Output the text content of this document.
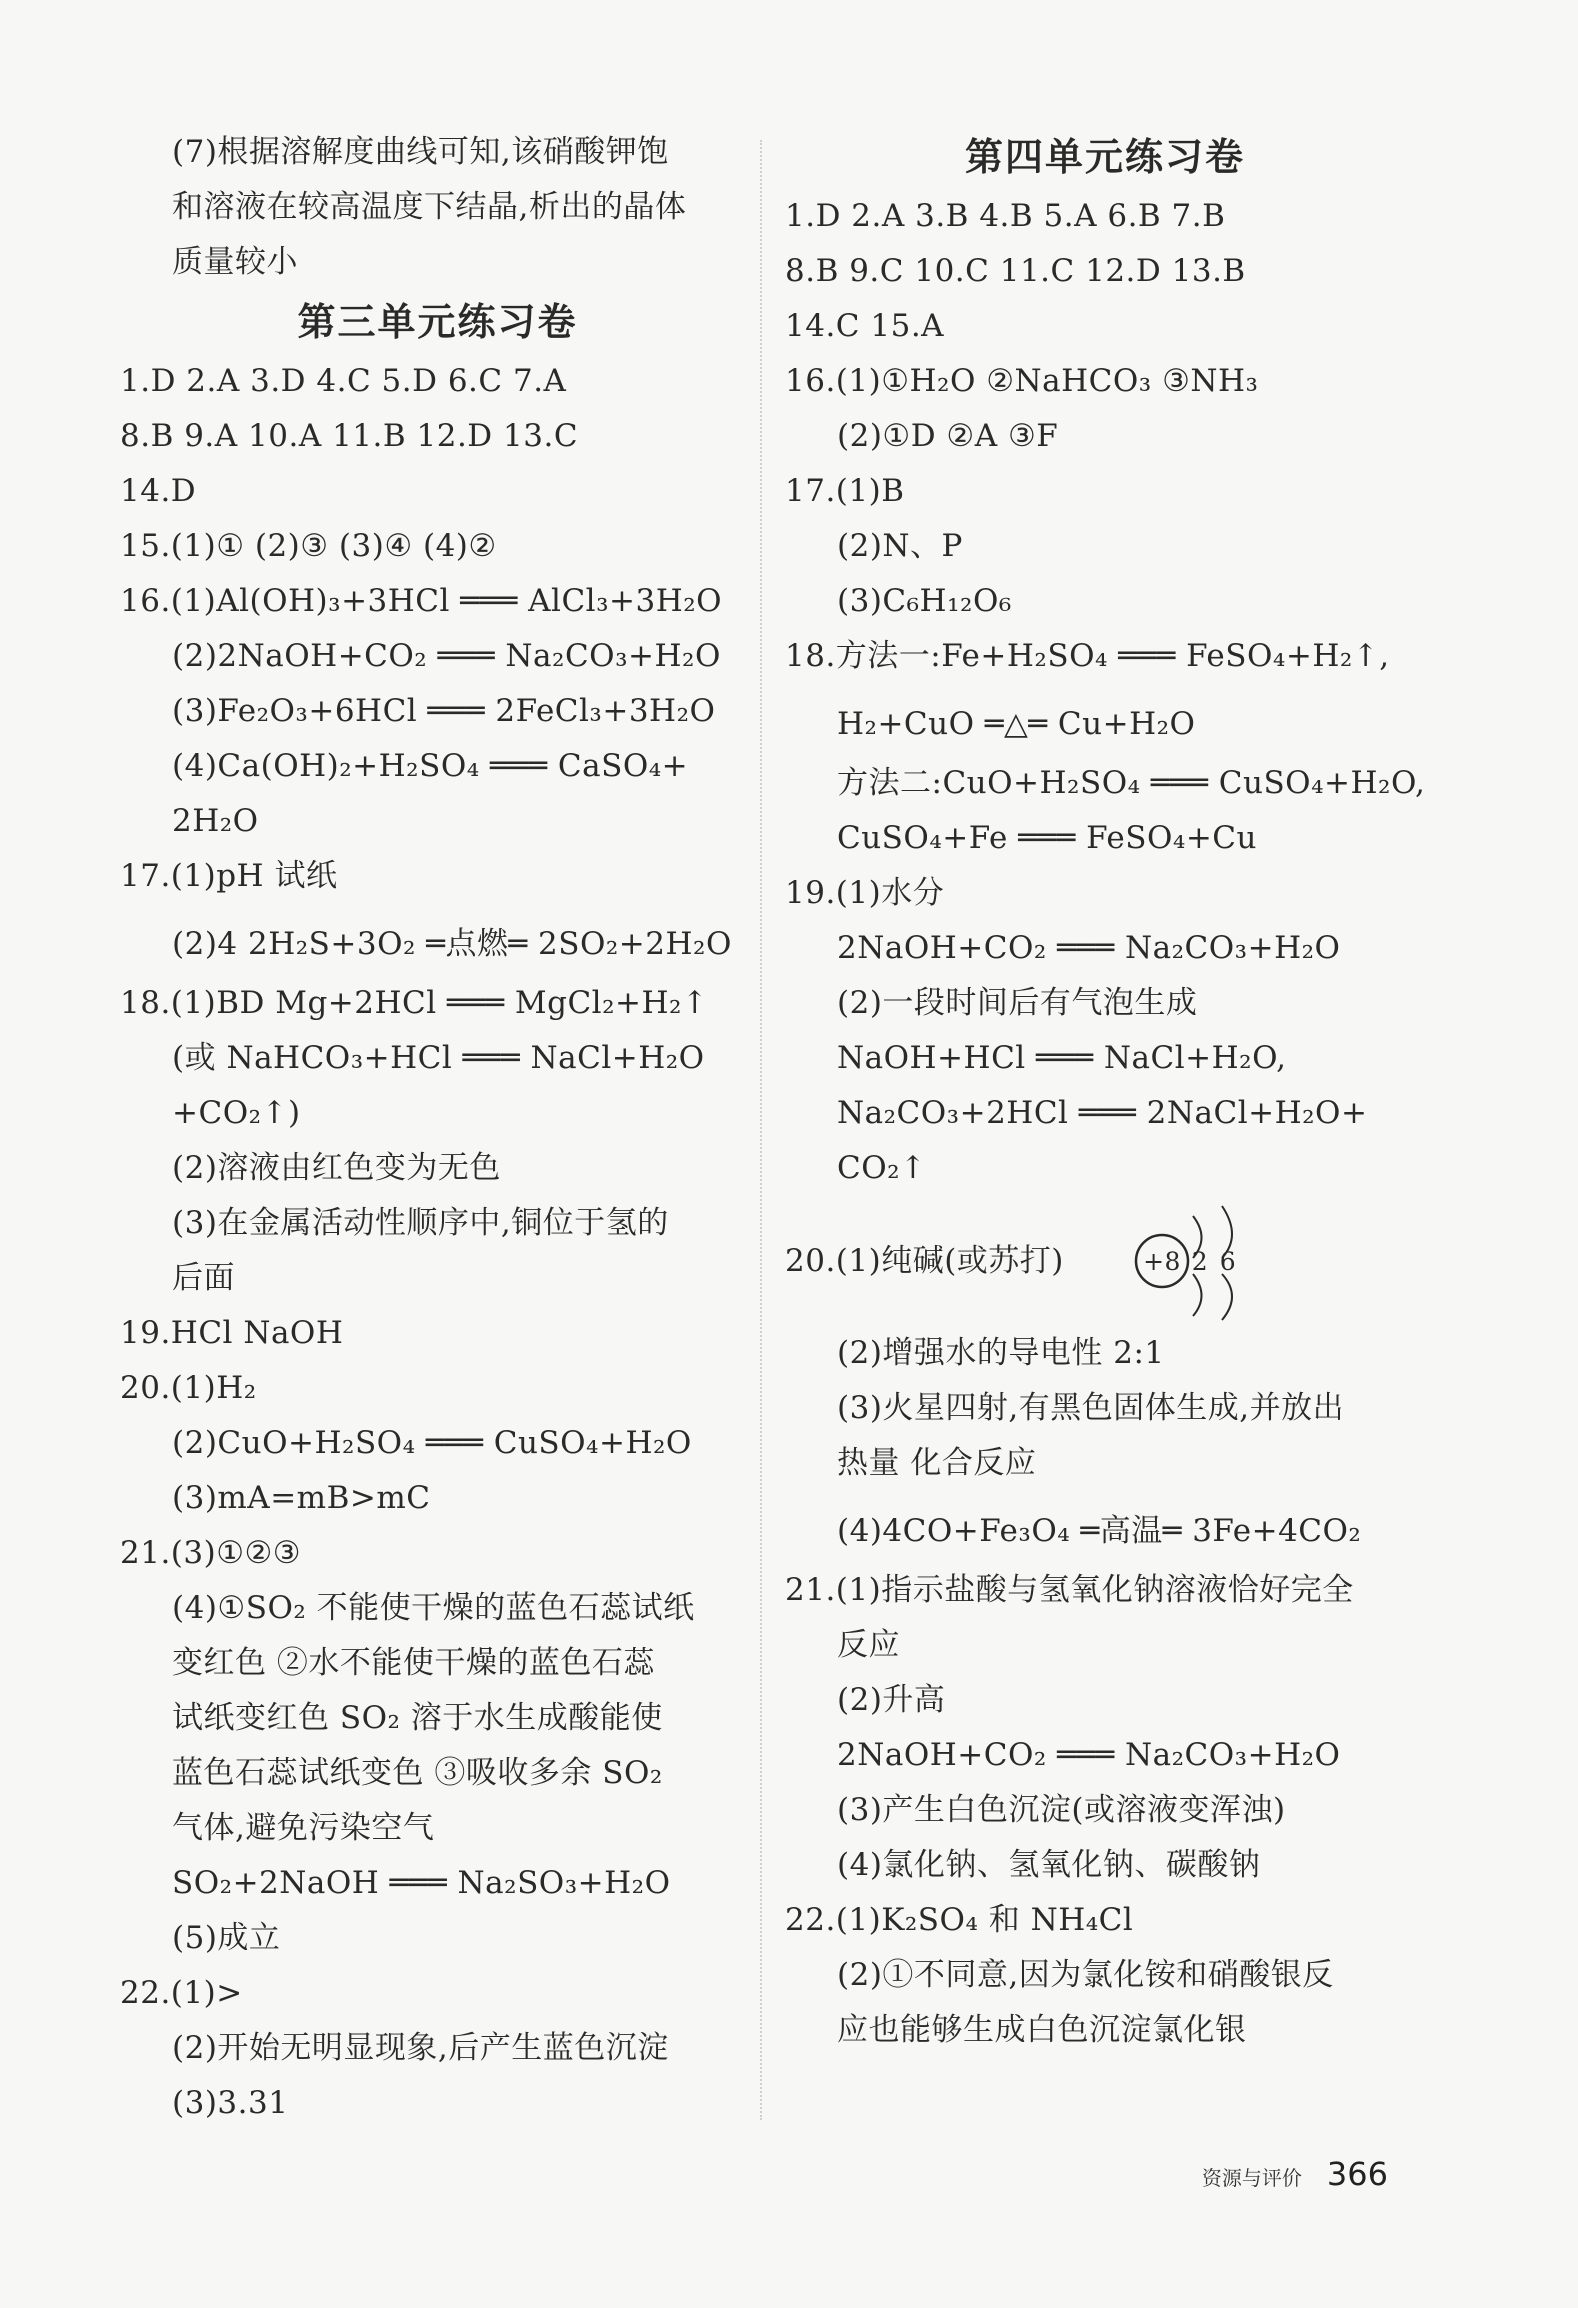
(7)根据溶解度曲线可知,该硝酸钾饱
和溶液在较高温度下结晶,析出的晶体
质量较小
第三单元练习卷
1.D 2.A 3.D 4.C 5.D 6.C 7.A
8.B 9.A 10.A 11.B 12.D 13.C
14.D
15.(1)① (2)③ (3)④ (4)②
16.(1)Al(OH)₃+3HCl ═══ AlCl₃+3H₂O
(2)2NaOH+CO₂ ═══ Na₂CO₃+H₂O
(3)Fe₂O₃+6HCl ═══ 2FeCl₃+3H₂O
(4)Ca(OH)₂+H₂SO₄ ═══ CaSO₄+
2H₂O
17.(1)pH 试纸
(2)4 2H₂S+3O₂ ═点燃═ 2SO₂+2H₂O
18.(1)BD Mg+2HCl ═══ MgCl₂+H₂↑
(或 NaHCO₃+HCl ═══ NaCl+H₂O
+CO₂↑)
(2)溶液由红色变为无色
(3)在金属活动性顺序中,铜位于氢的
后面
19.HCl NaOH
20.(1)H₂
(2)CuO+H₂SO₄ ═══ CuSO₄+H₂O
(3)mA=mB>mC
21.(3)①②③
(4)①SO₂ 不能使干燥的蓝色石蕊试纸
变红色 ②水不能使干燥的蓝色石蕊
试纸变红色 SO₂ 溶于水生成酸能使
蓝色石蕊试纸变色 ③吸收多余 SO₂
气体,避免污染空气
SO₂+2NaOH ═══ Na₂SO₃+H₂O
(5)成立
22.(1)>
(2)开始无明显现象,后产生蓝色沉淀
(3)3.31
第四单元练习卷
1.D 2.A 3.B 4.B 5.A 6.B 7.B
8.B 9.C 10.C 11.C 12.D 13.B
14.C 15.A
16.(1)①H₂O ②NaHCO₃ ③NH₃
(2)①D ②A ③F
17.(1)B
(2)N、P
(3)C₆H₁₂O₆
18.方法一:Fe+H₂SO₄ ═══ FeSO₄+H₂↑,
H₂+CuO ═△═ Cu+H₂O
方法二:CuO+H₂SO₄ ═══ CuSO₄+H₂O,
CuSO₄+Fe ═══ FeSO₄+Cu
19.(1)水分
2NaOH+CO₂ ═══ Na₂CO₃+H₂O
(2)一段时间后有气泡生成
NaOH+HCl ═══ NaCl+H₂O,
Na₂CO₃+2HCl ═══ 2NaCl+H₂O+
CO₂↑
20.(1)纯碱(或苏打)	+8 2 6
(2)增强水的导电性 2:1
(3)火星四射,有黑色固体生成,并放出
热量 化合反应
(4)4CO+Fe₃O₄ ═高温═ 3Fe+4CO₂
21.(1)指示盐酸与氢氧化钠溶液恰好完全
反应
(2)升高
2NaOH+CO₂ ═══ Na₂CO₃+H₂O
(3)产生白色沉淀(或溶液变浑浊)
(4)氯化钠、氢氧化钠、碳酸钠
22.(1)K₂SO₄ 和 NH₄Cl
(2)①不同意,因为氯化铵和硝酸银反
应也能够生成白色沉淀氯化银
资源与评价 366
